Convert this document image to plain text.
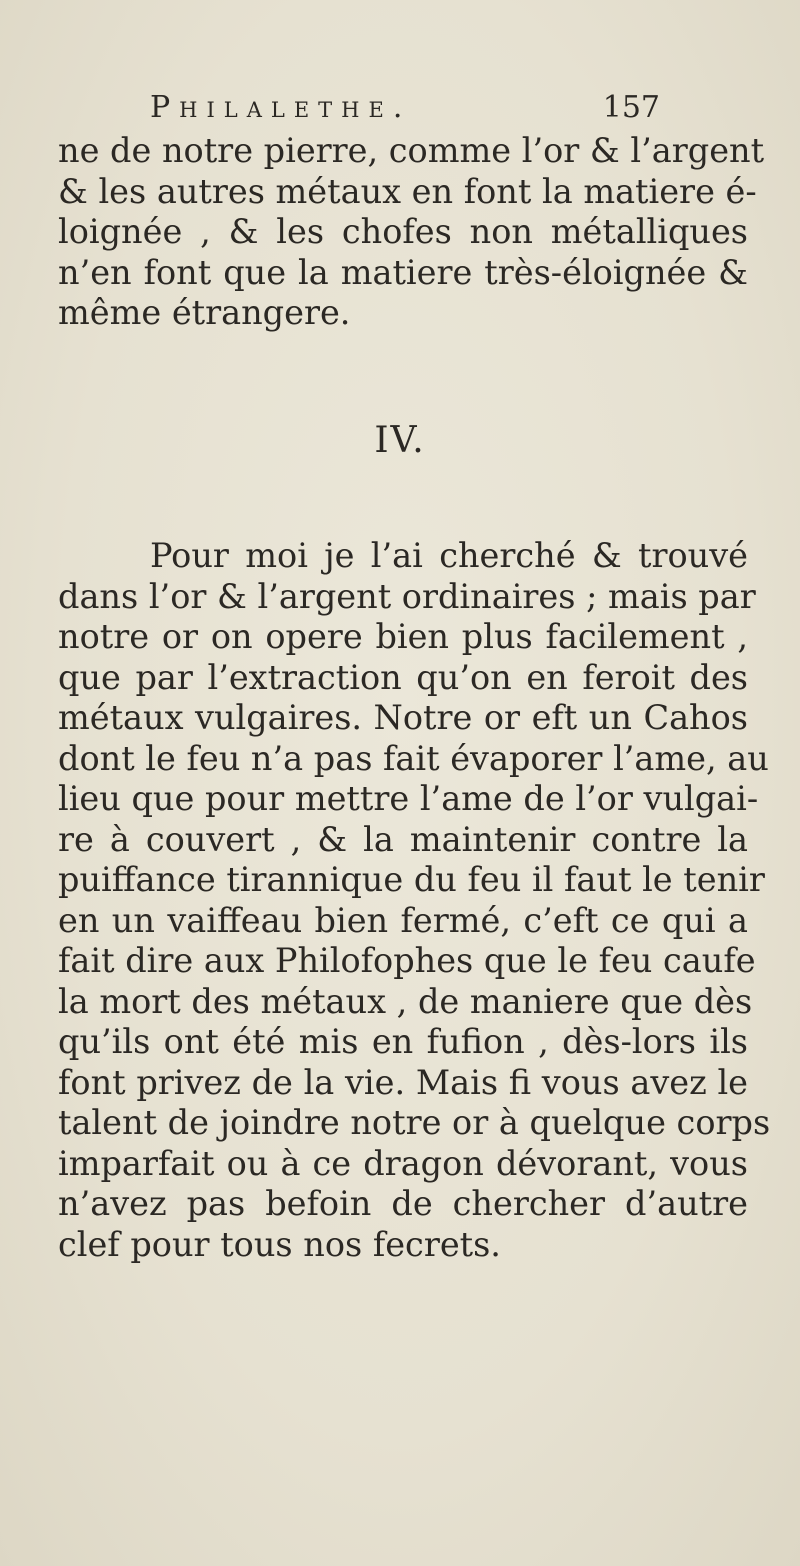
Philalethe.	157
ne de notre pierre, comme l’or & l’argent
& les autres métaux en font la matiere é-
loignée , & les chofes non métalliques
n’en font que la matiere très-éloignée &
même étrangere.
IV.
Pour moi je l’ai cherché & trouvé
dans l’or & l’argent ordinaires ; mais par
notre or on opere bien plus facilement ,
que par l’extraction qu’on en feroit des
métaux vulgaires. Notre or eft un Cahos
dont le feu n’a pas fait évaporer l’ame, au
lieu que pour mettre l’ame de l’or vulgai-
re à couvert , & la maintenir contre la
puiffance tirannique du feu il faut le tenir
en un vaiffeau bien fermé, c’eft ce qui a
fait dire aux Philofophes que le feu caufe
la mort des métaux , de maniere que dès
qu’ils ont été mis en fufion , dès-lors ils
font privez de la vie. Mais fi vous avez le
talent de joindre notre or à quelque corps
imparfait ou à ce dragon dévorant, vous
n’avez pas befoin de chercher d’autre
clef pour tous nos fecrets.
